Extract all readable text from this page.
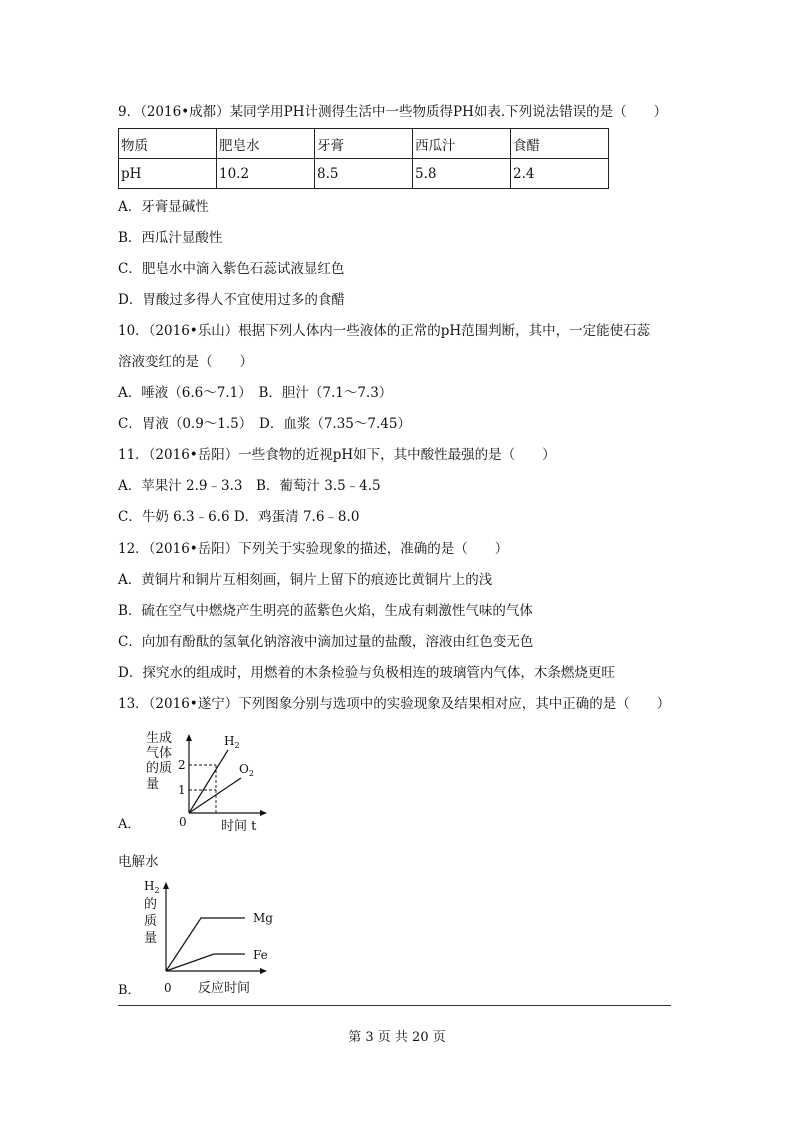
9．（2016•成都）某同学用PH计测得生活中一些物质得PH如表.下列说法错误的是（　　）
物质	肥皂水	牙膏	西瓜汁	食醋
pH	10.2	8.5	5.8	2.4
A．牙膏显碱性
B．西瓜汁显酸性
C．肥皂水中滴入紫色石蕊试液显红色
D．胃酸过多得人不宜使用过多的食醋
10．（2016•乐山）根据下列人体内一些液体的正常的pH范围判断，其中，一定能使石蕊
溶液变红的是（　　）
A．唾液（6.6～7.1）　B．胆汁（7.1～7.3）
C．胃液（0.9～1.5）　D．血浆（7.35～7.45）
11．（2016•岳阳）一些食物的近视pH如下，其中酸性最强的是（　　）
A．苹果汁 2.9﹣3.3　B．葡萄汁 3.5﹣4.5
C．牛奶 6.3﹣6.6 D．鸡蛋清 7.6﹣8.0
12．（2016•岳阳）下列关于实验现象的描述，准确的是（　　）
A．黄铜片和铜片互相刻画，铜片上留下的痕迹比黄铜片上的浅
B．硫在空气中燃烧产生明亮的蓝紫色火焰，生成有刺激性气味的气体
C．向加有酚酞的氢氧化钠溶液中滴加过量的盐酸，溶液由红色变无色
D．探究水的组成时，用燃着的木条检验与负极相连的玻璃管内气体，木条燃烧更旺
13．（2016•遂宁）下列图象分别与选项中的实验现象及结果相对应，其中正确的是（　　）
A．
生成
气体
的质
量
2
1
0	时间 t
$H_2$
$O_2$
电解水
B．
$H_2$
的
质
量
Mg
Fe
0 反应时间
第 3 页 共 20 页
